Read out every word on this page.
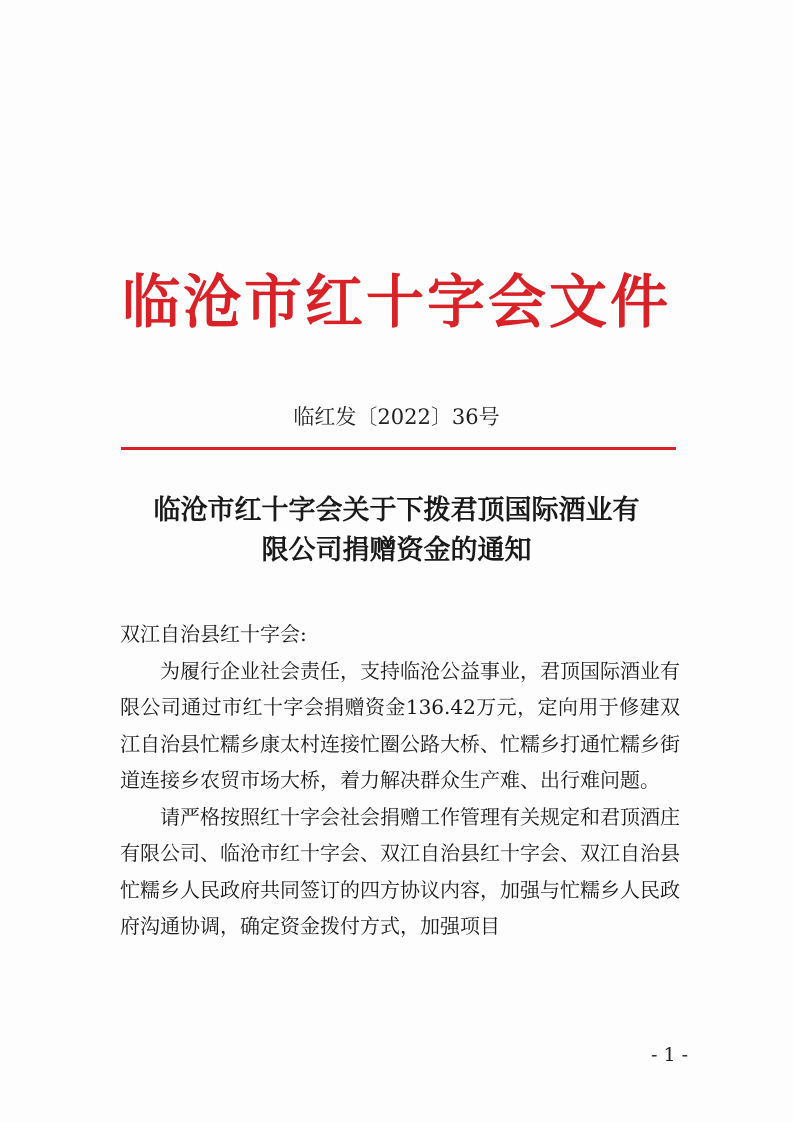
临沧市红十字会文件
临红发〔2022〕36号
临沧市红十字会关于下拨君顶国际酒业有
限公司捐赠资金的通知

双江自治县红十字会:

为履行企业社会责任，支持临沧公益事业，君顶国际酒业有限公司通过市红十字会捐赠资金136.42万元，定向用于修建双江自治县忙糯乡康太村连接忙圈公路大桥、忙糯乡打通忙糯乡街道连接乡农贸市场大桥，着力解决群众生产难、出行难问题。

请严格按照红十字会社会捐赠工作管理有关规定和君顶酒庄有限公司、临沧市红十字会、双江自治县红十字会、双江自治县忙糯乡人民政府共同签订的四方协议内容，加强与忙糯乡人民政府沟通协调，确定资金拨付方式，加强项目

- 1 -
